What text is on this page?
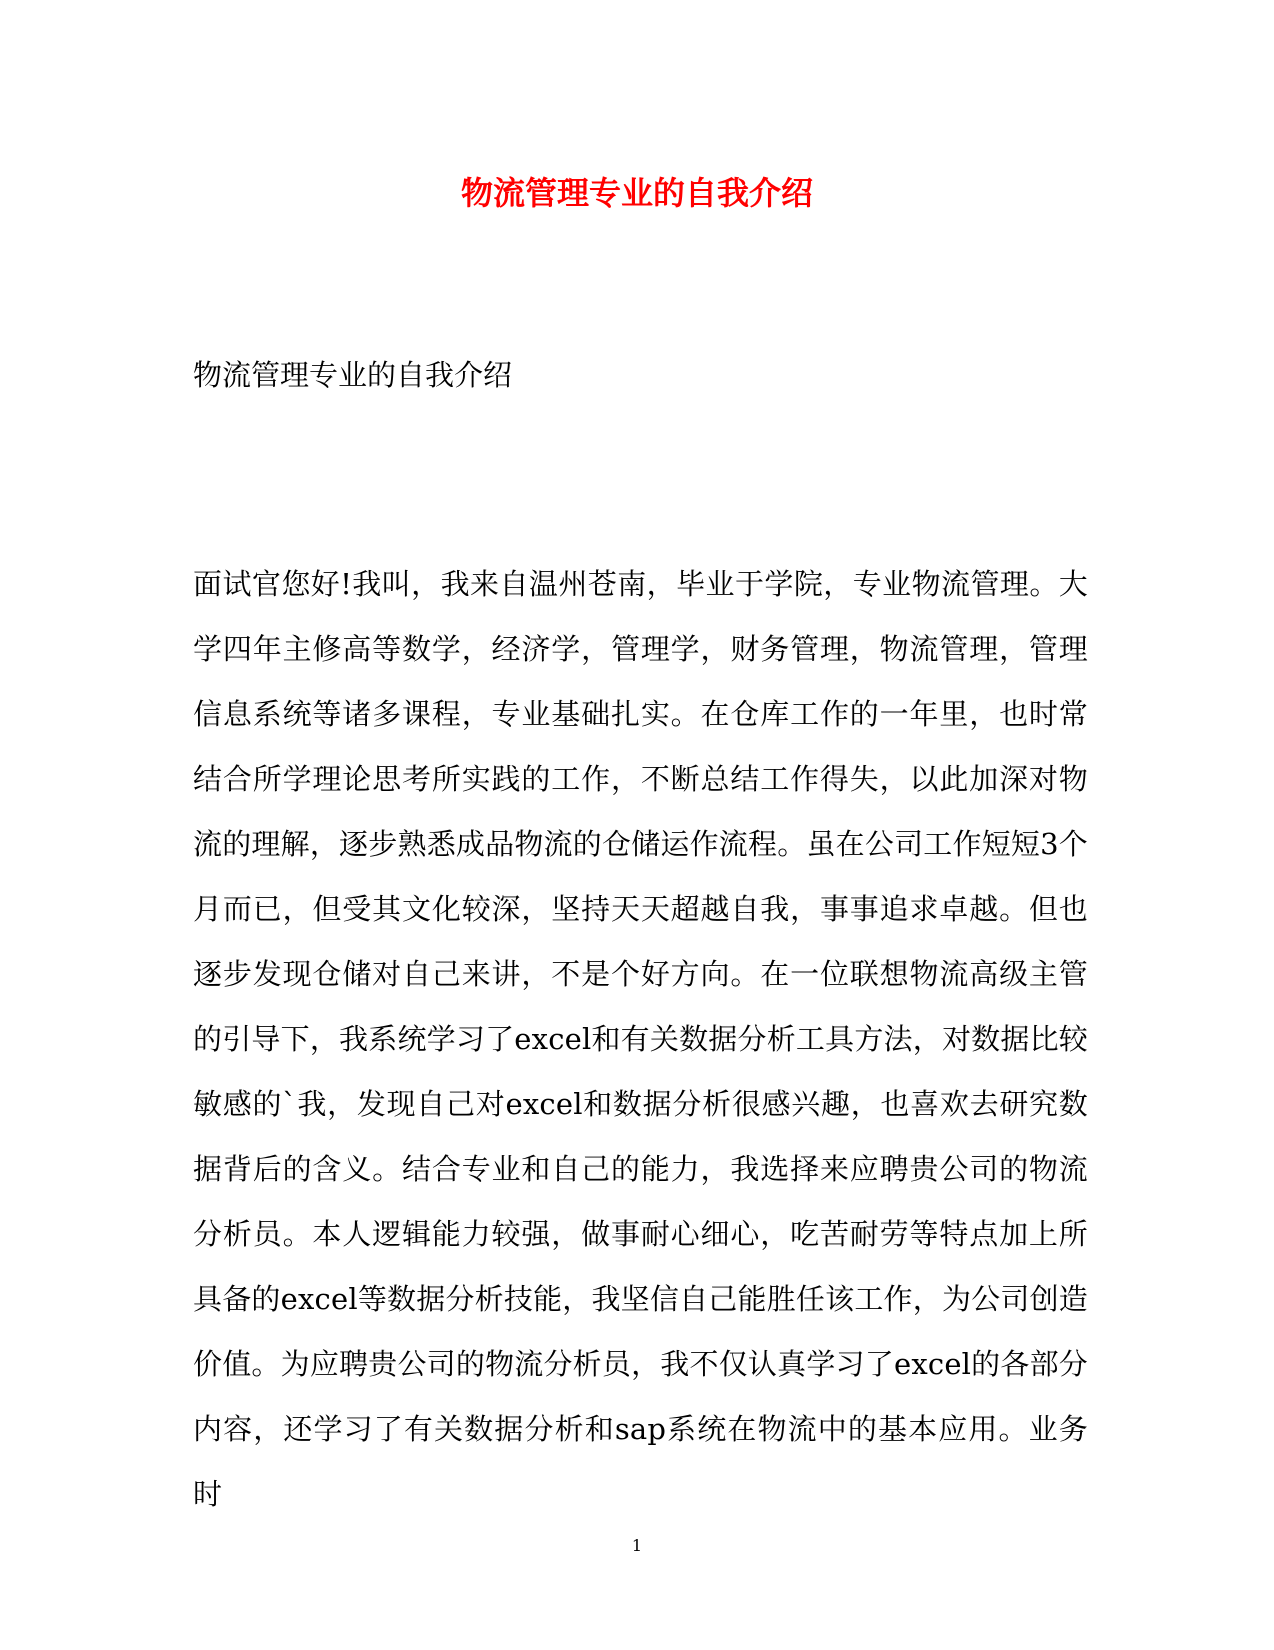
物流管理专业的自我介绍

物流管理专业的自我介绍

面试官您好!我叫，我来自温州苍南，毕业于学院，专业物流管理。大学四年主修高等数学，经济学，管理学，财务管理，物流管理，管理信息系统等诸多课程，专业基础扎实。在仓库工作的一年里，也时常结合所学理论思考所实践的工作，不断总结工作得失，以此加深对物流的理解，逐步熟悉成品物流的仓储运作流程。虽在公司工作短短3个月而已，但受其文化较深，坚持天天超越自我，事事追求卓越。但也逐步发现仓储对自己来讲，不是个好方向。在一位联想物流高级主管的引导下，我系统学习了excel和有关数据分析工具方法，对数据比较敏感的`我，发现自己对excel和数据分析很感兴趣，也喜欢去研究数据背后的含义。结合专业和自己的能力，我选择来应聘贵公司的物流分析员。本人逻辑能力较强，做事耐心细心，吃苦耐劳等特点加上所具备的excel等数据分析技能，我坚信自己能胜任该工作，为公司创造价值。为应聘贵公司的物流分析员，我不仅认真学习了excel的各部分内容，还学习了有关数据分析和sap系统在物流中的基本应用。业务时

1
